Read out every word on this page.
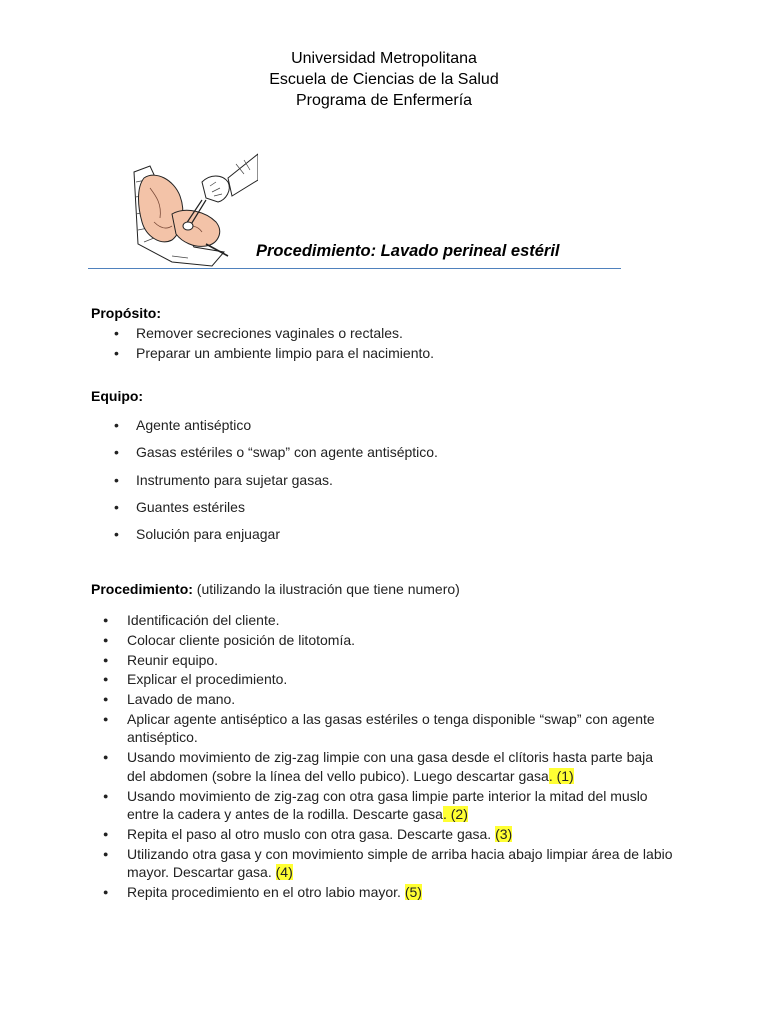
Universidad Metropolitana
Escuela de Ciencias de la Salud
Programa de Enfermería
Procedimiento: Lavado perineal estéril
Propósito:
• Remover secreciones vaginales o rectales.
• Preparar un ambiente limpio para el nacimiento.
Equipo:
• Agente antiséptico
• Gasas estériles o “swap” con agente antiséptico.
• Instrumento para sujetar gasas.
• Guantes estériles
• Solución para enjuagar
Procedimiento: (utilizando la ilustración que tiene numero)
● Identificación del cliente.
● Colocar cliente posición de litotomía.
● Reunir equipo.
● Explicar el procedimiento.
● Lavado de mano.
● Aplicar agente antiséptico a las gasas estériles o tenga disponible “swap” con agente antiséptico.
● Usando movimiento de zig-zag limpie con una gasa desde el clítoris hasta parte baja del abdomen (sobre la línea del vello pubico). Luego descartar gasa. (1)
● Usando movimiento de zig-zag con otra gasa limpie parte interior la mitad del muslo entre la cadera y antes de la rodilla. Descarte gasa. (2)
● Repita el paso al otro muslo con otra gasa. Descarte gasa. (3)
● Utilizando otra gasa y con movimiento simple de arriba hacia abajo limpiar área de labio mayor. Descartar gasa. (4)
● Repita procedimiento en el otro labio mayor. (5)
